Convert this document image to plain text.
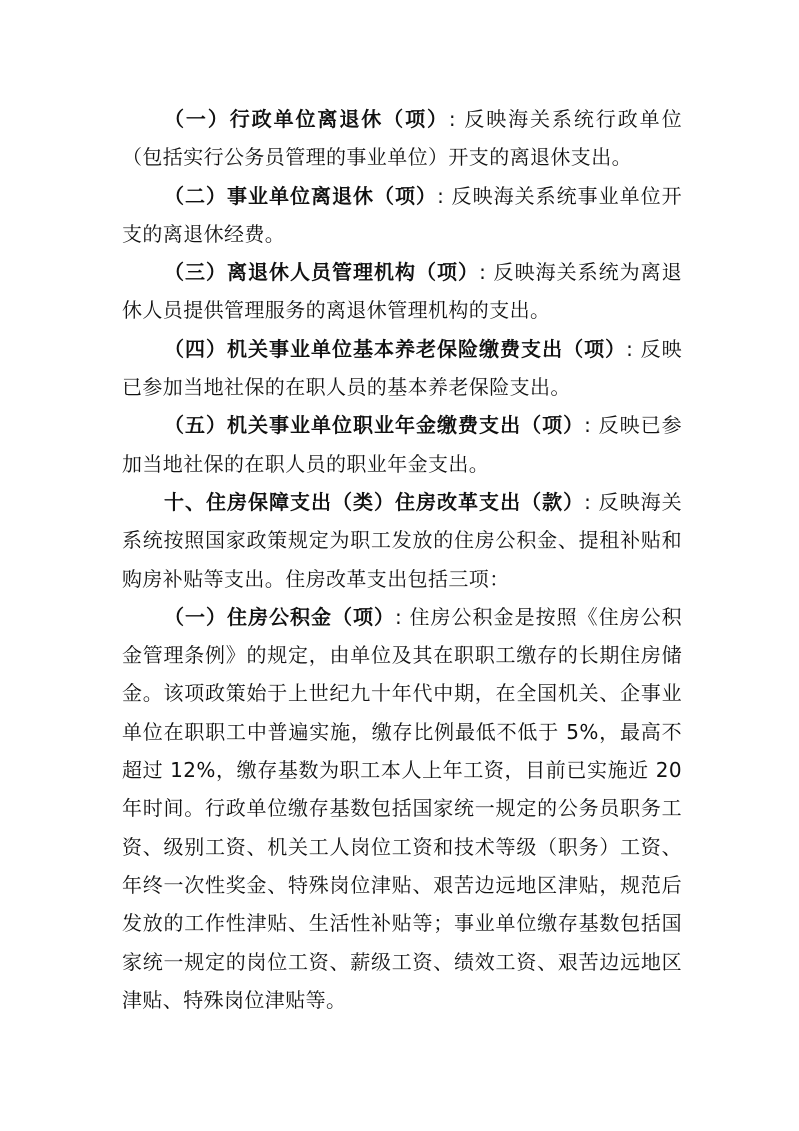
（一）行政单位离退休（项）: 反映海关系统行政单位（包括实行公务员管理的事业单位）开支的离退休支出。

（二）事业单位离退休（项）: 反映海关系统事业单位开支的离退休经费。

（三）离退休人员管理机构（项）: 反映海关系统为离退休人员提供管理服务的离退休管理机构的支出。

（四）机关事业单位基本养老保险缴费支出（项）: 反映已参加当地社保的在职人员的基本养老保险支出。

（五）机关事业单位职业年金缴费支出（项）: 反映已参加当地社保的在职人员的职业年金支出。

十、住房保障支出（类）住房改革支出（款）: 反映海关系统按照国家政策规定为职工发放的住房公积金、提租补贴和购房补贴等支出。住房改革支出包括三项：

（一）住房公积金（项）: 住房公积金是按照《住房公积金管理条例》的规定，由单位及其在职职工缴存的长期住房储金。该项政策始于上世纪九十年代中期，在全国机关、企事业单位在职职工中普遍实施，缴存比例最低不低于 5%，最高不超过 12%，缴存基数为职工本人上年工资，目前已实施近 20 年时间。行政单位缴存基数包括国家统一规定的公务员职务工资、级别工资、机关工人岗位工资和技术等级（职务）工资、年终一次性奖金、特殊岗位津贴、艰苦边远地区津贴，规范后发放的工作性津贴、生活性补贴等；事业单位缴存基数包括国家统一规定的岗位工资、薪级工资、绩效工资、艰苦边远地区津贴、特殊岗位津贴等。
